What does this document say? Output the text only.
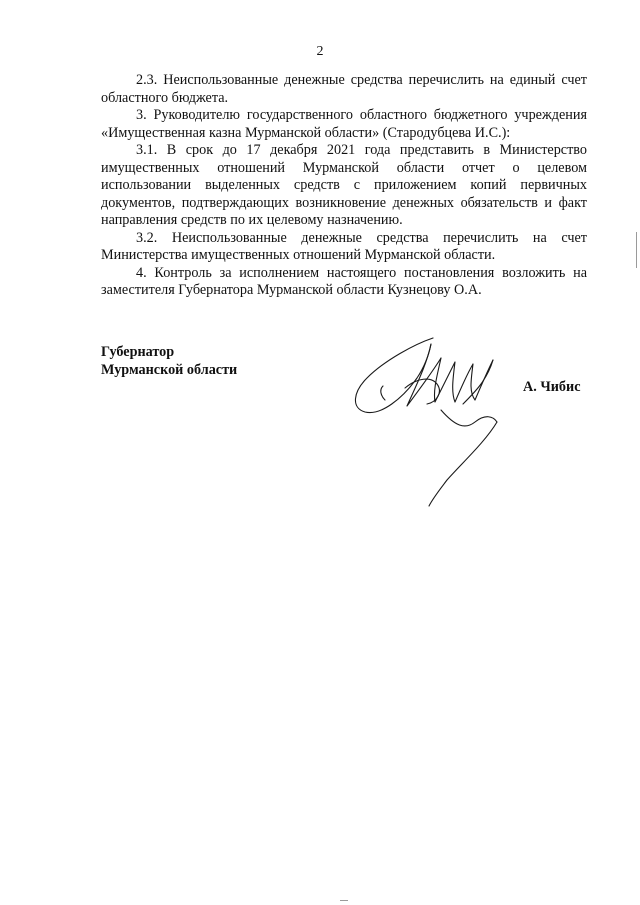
2

2.3. Неиспользованные денежные средства перечислить на единый счет областного бюджета.

3. Руководителю государственного областного бюджетного учреждения «Имущественная казна Мурманской области» (Стародубцева И.С.):

3.1. В срок до 17 декабря 2021 года представить в Министерство имущественных отношений Мурманской области отчет о целевом использовании выделенных средств с приложением копий первичных документов, подтверждающих возникновение денежных обязательств и факт направления средств по их целевому назначению.

3.2. Неиспользованные денежные средства перечислить на счет Министерства имущественных отношений Мурманской области.

4. Контроль за исполнением настоящего постановления возложить на заместителя Губернатора Мурманской области Кузнецову О.А.

Губернатор
Мурманской области
А. Чибис
